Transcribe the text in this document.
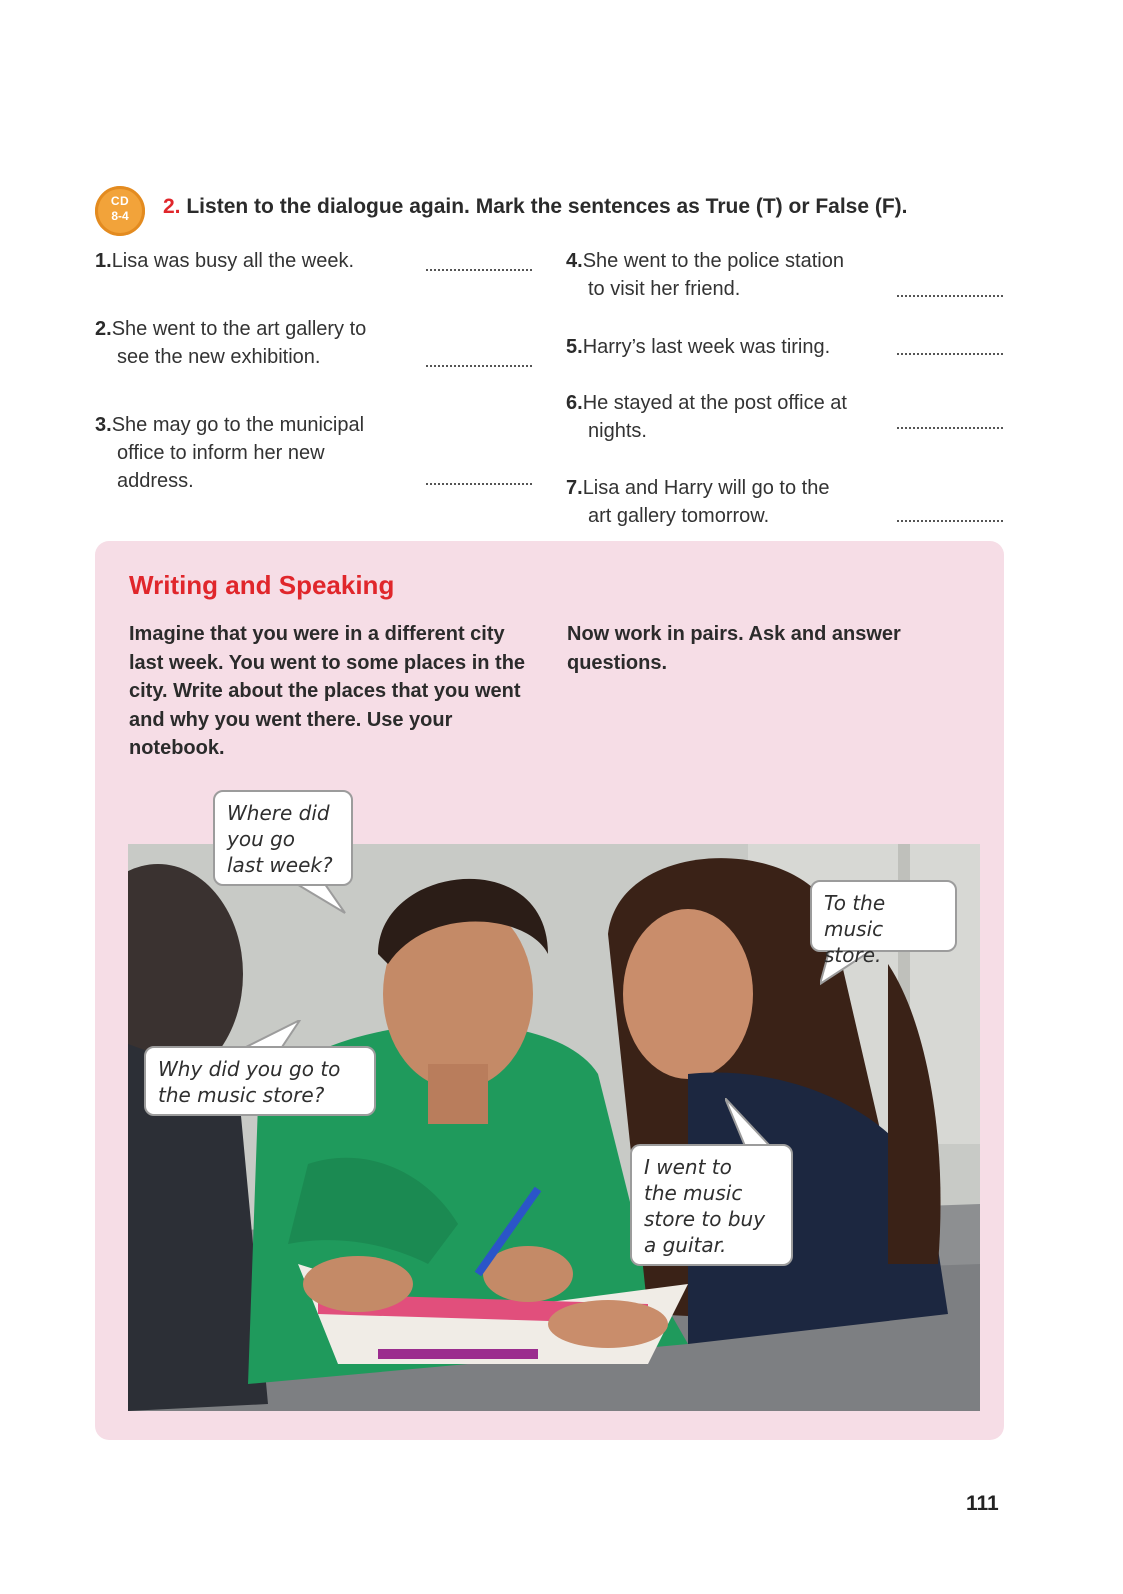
CD
8-4	2. Listen to the dialogue again. Mark the sentences as True (T) or False (F).
1.Lisa was busy all the week.
2.She went to the art gallery to
see the new exhibition.
3.She may go to the municipal
office to inform her new
address.
4.She went to the police station
to visit her friend.
5.Harry’s last week was tiring.
6.He stayed at the post office at
nights.
7.Lisa and Harry will go to the
art gallery tomorrow.
Writing and Speaking
Imagine that you were in a different city last week. You went to some places in the city. Write about the places that you went and why you went there. Use your notebook.
Now work in pairs. Ask and answer questions.
Where did
you go
last week?
To the
music store.
Why did you go to
the music store?
I went to
the music
store to buy
a guitar.
111
